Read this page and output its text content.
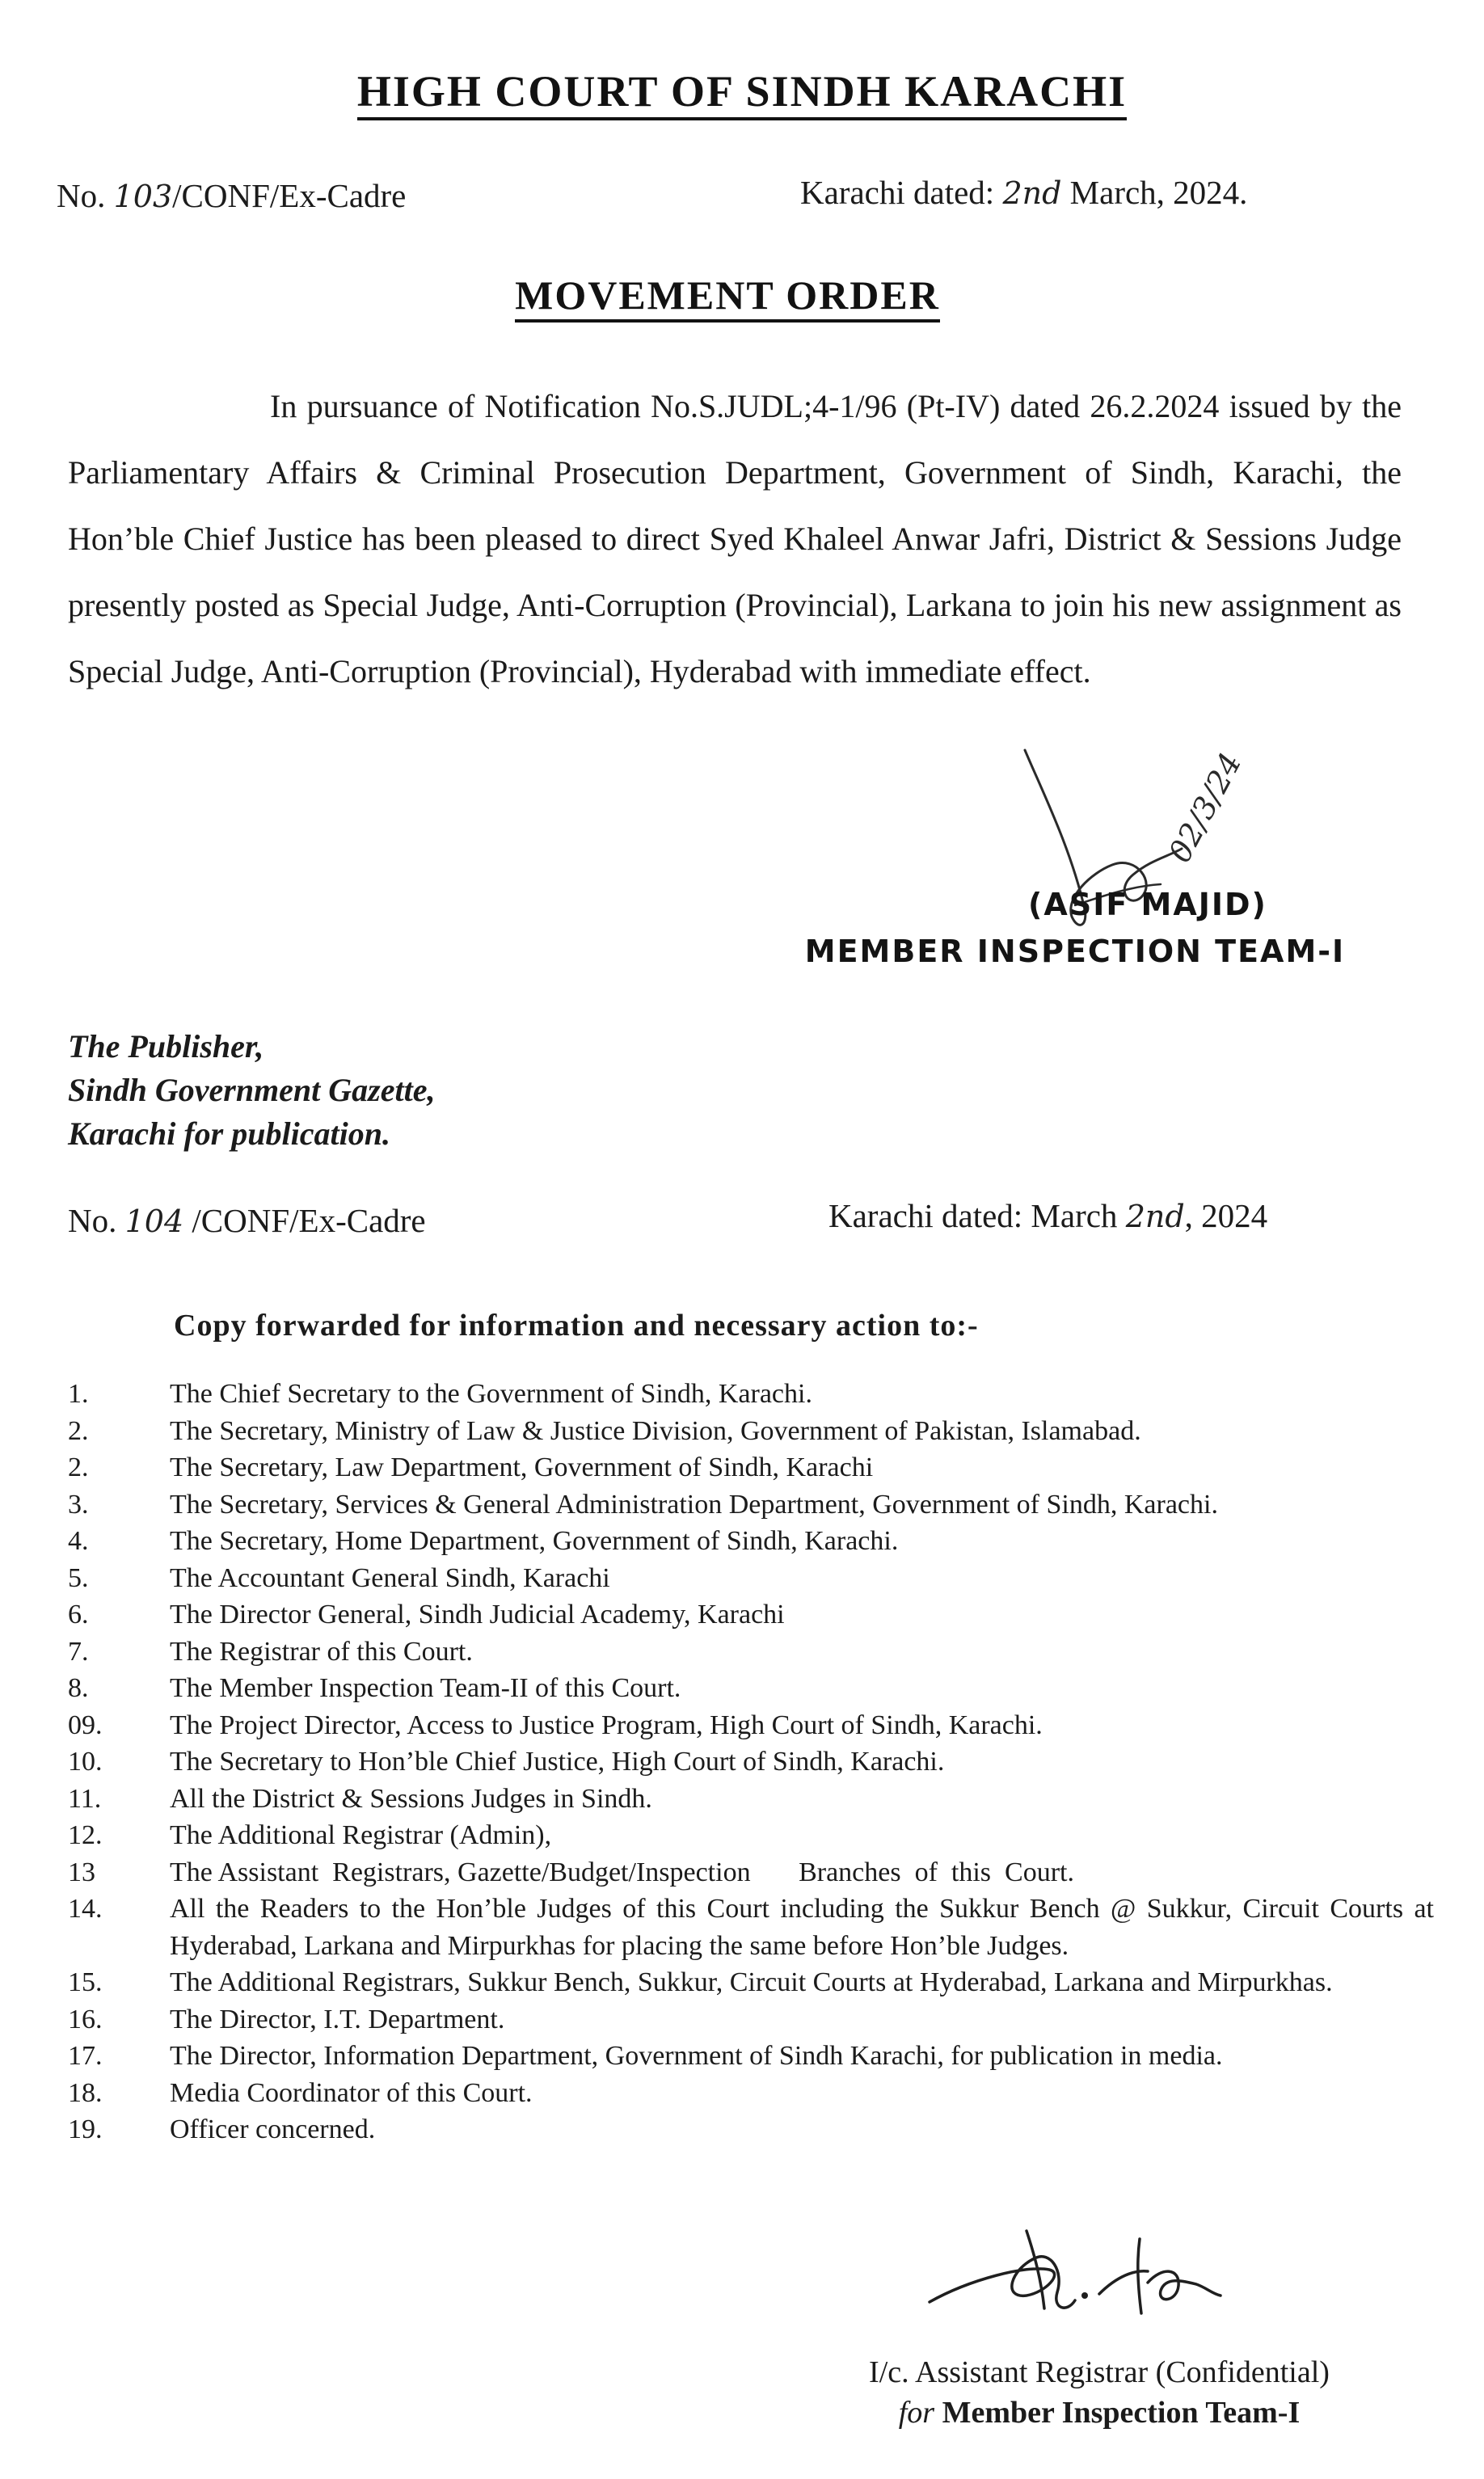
HIGH COURT OF SINDH KARACHI
No. 103/CONF/Ex-Cadre	Karachi dated: 2nd March, 2024.
MOVEMENT ORDER
In pursuance of Notification No.S.JUDL;4-1/96 (Pt-IV) dated 26.2.2024 issued by the Parliamentary Affairs & Criminal Prosecution Department, Government of Sindh, Karachi, the Hon’ble Chief Justice has been pleased to direct Syed Khaleel Anwar Jafri, District & Sessions Judge presently posted as Special Judge, Anti-Corruption (Provincial), Larkana to join his new assignment as Special Judge, Anti-Corruption (Provincial), Hyderabad with immediate effect.
02/3/24
(ASIF MAJID)
MEMBER INSPECTION TEAM-I
The Publisher,
Sindh Government Gazette,
Karachi for publication.
No. 104 /CONF/Ex-Cadre	Karachi dated: March 2nd, 2024
Copy forwarded for information and necessary action to:-
1.	The Chief Secretary to the Government of Sindh, Karachi.
2.	The Secretary, Ministry of Law & Justice Division, Government of Pakistan, Islamabad.
2.	The Secretary, Law Department, Government of Sindh, Karachi
3.	The Secretary, Services & General Administration Department, Government of Sindh, Karachi.
4.	The Secretary, Home Department, Government of Sindh, Karachi.
5.	The Accountant General Sindh, Karachi
6.	The Director General, Sindh Judicial Academy, Karachi
7.	The Registrar of this Court.
8.	The Member Inspection Team-II of this Court.
09.	The Project Director, Access to Justice Program, High Court of Sindh, Karachi.
10.	The Secretary to Hon’ble Chief Justice, High Court of Sindh, Karachi.
11.	All the District & Sessions Judges in Sindh.
12.	The Additional Registrar (Admin),
13	The Assistant  Registrars, Gazette/Budget/Inspection       Branches  of  this  Court.
14.	All the Readers to the Hon’ble Judges of this Court including the Sukkur Bench @ Sukkur, Circuit Courts at Hyderabad, Larkana and Mirpurkhas for placing the same before Hon’ble Judges.
15.	The Additional Registrars, Sukkur Bench, Sukkur, Circuit Courts at Hyderabad, Larkana and Mirpurkhas.
16.	The Director, I.T. Department.
17.	The Director, Information Department, Government of Sindh Karachi, for publication in media.
18.	Media Coordinator of this Court.
19.	Officer concerned.
I/c. Assistant Registrar (Confidential)
for Member Inspection Team-I
